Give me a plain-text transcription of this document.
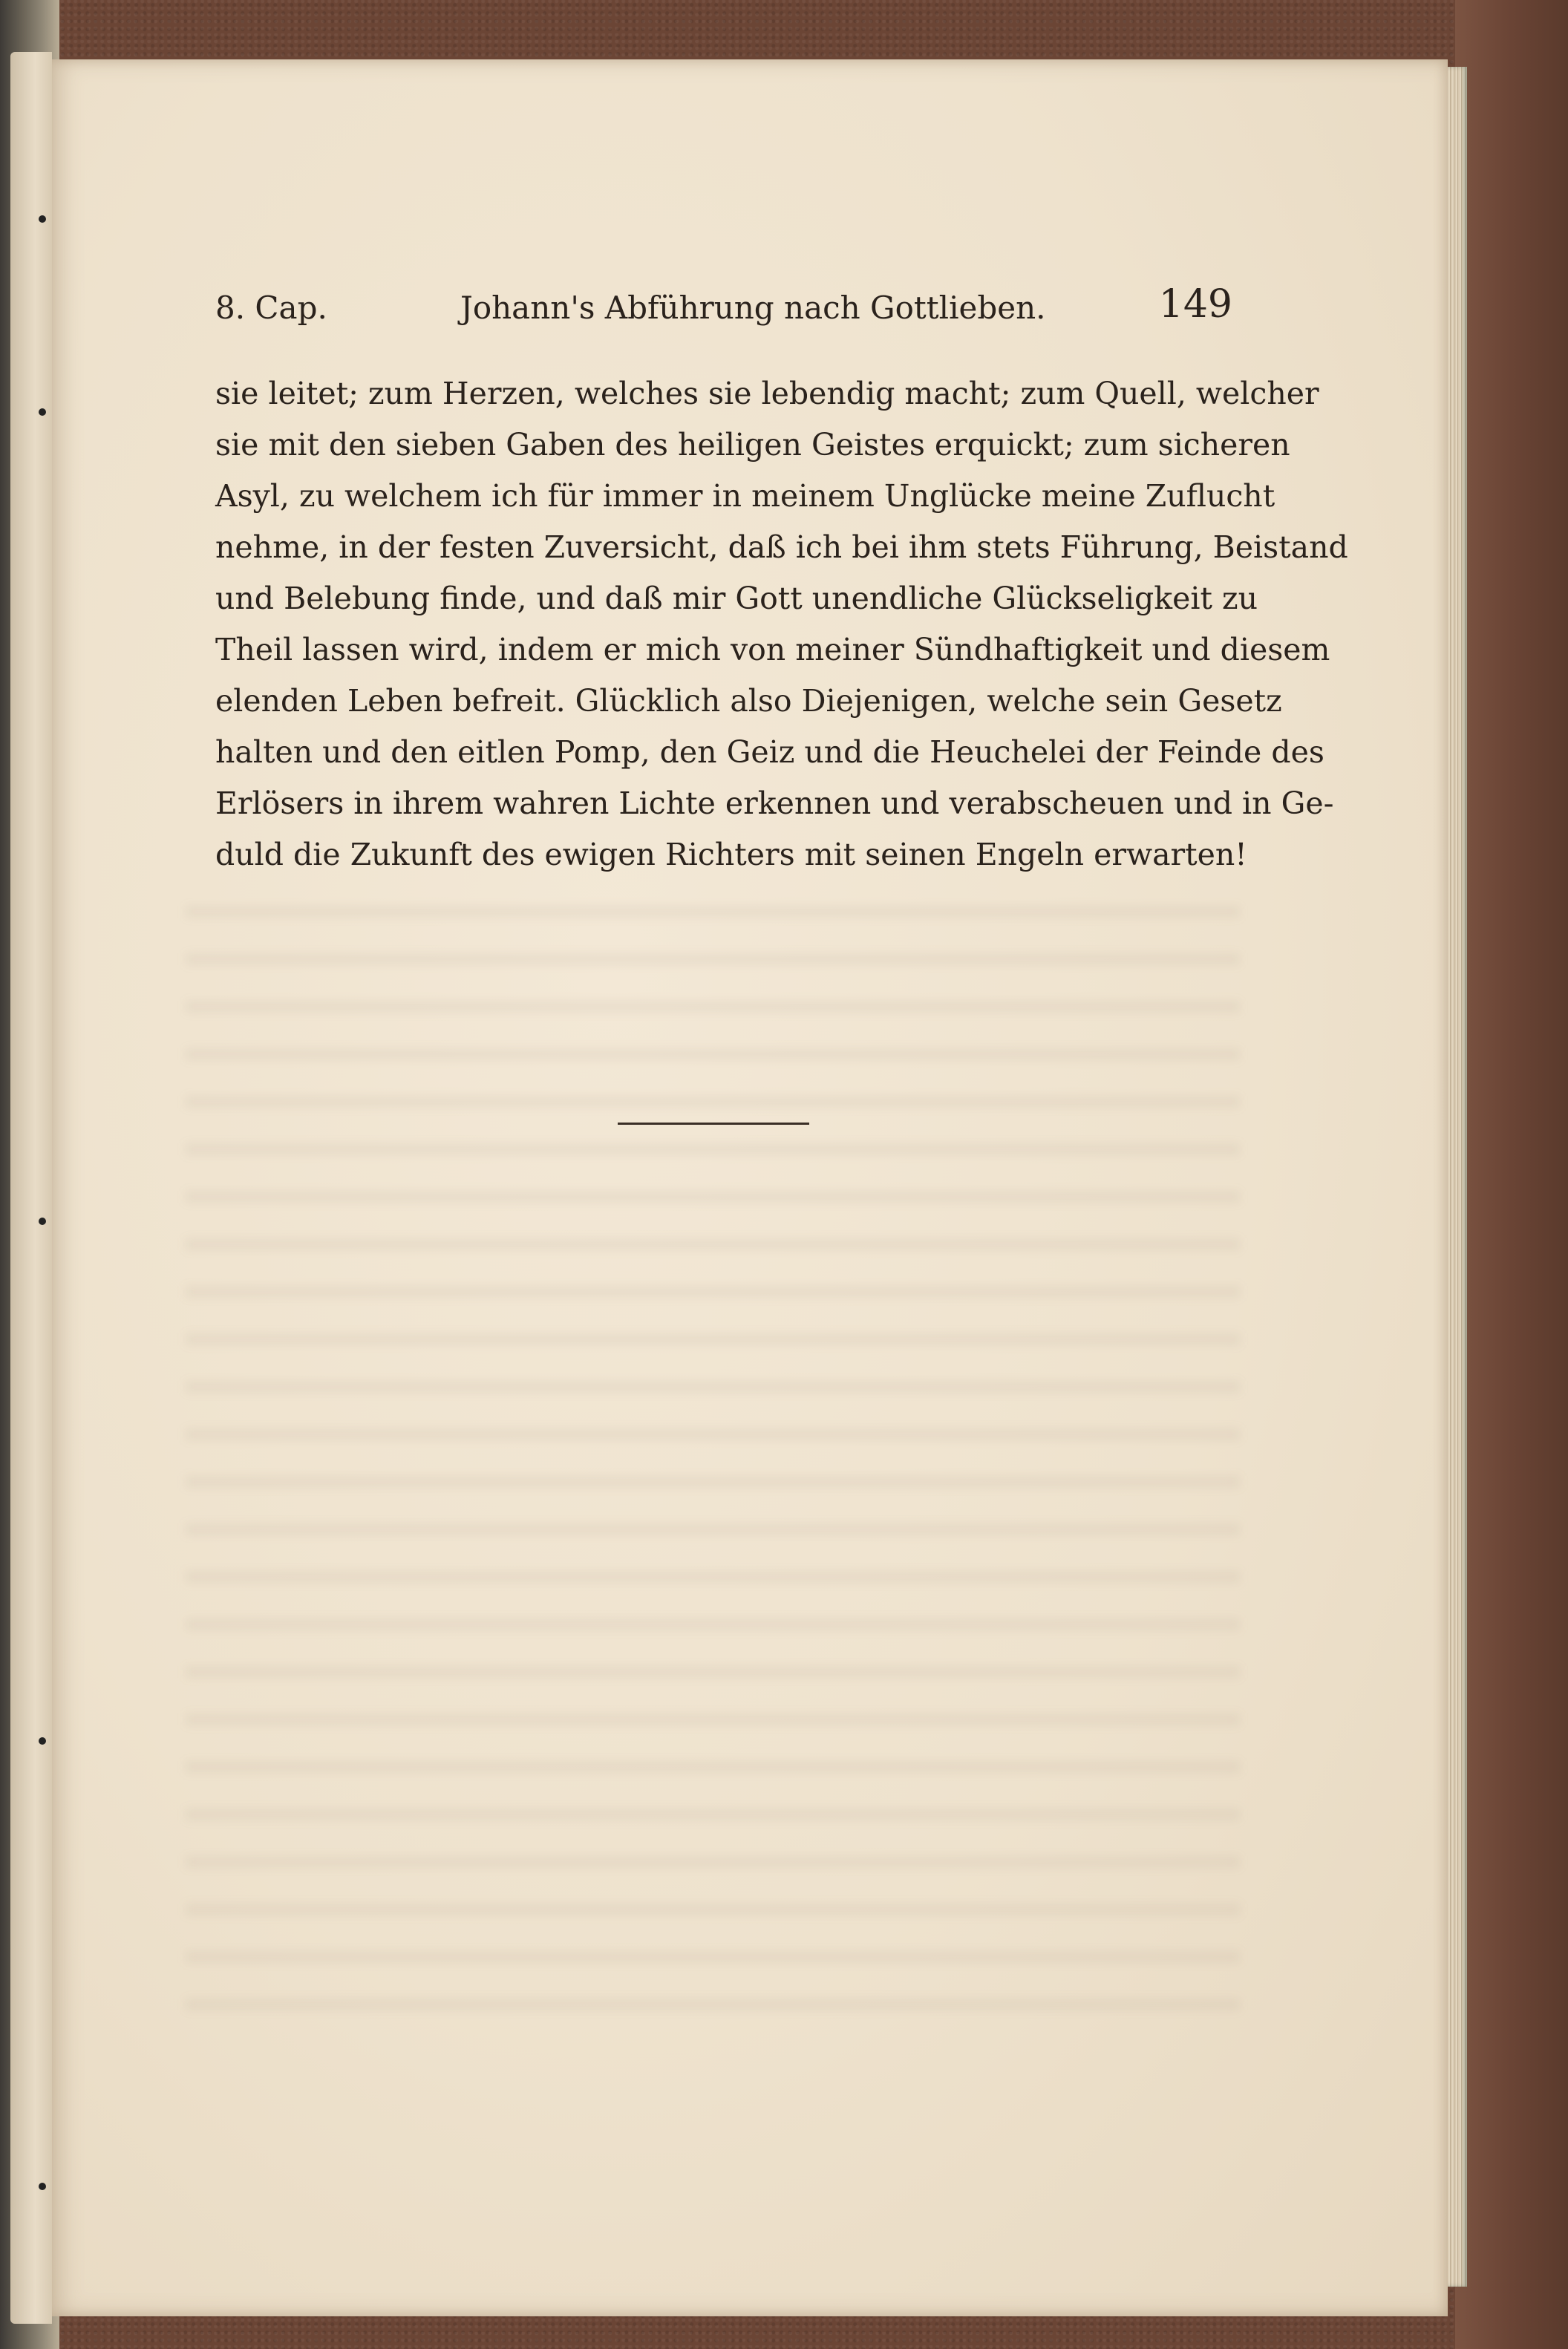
8. Cap.	Johann's Abführung nach Gottlieben.	149
sie leitet; zum Herzen, welches sie lebendig macht; zum Quell, welcher
sie mit den sieben Gaben des heiligen Geistes erquickt; zum sicheren
Asyl, zu welchem ich für immer in meinem Unglücke meine Zuflucht
nehme, in der festen Zuversicht, daß ich bei ihm stets Führung, Beistand
und Belebung finde, und daß mir Gott unendliche Glückseligkeit zu
Theil lassen wird, indem er mich von meiner Sündhaftigkeit und diesem
elenden Leben befreit. Glücklich also Diejenigen, welche sein Gesetz
halten und den eitlen Pomp, den Geiz und die Heuchelei der Feinde des
Erlösers in ihrem wahren Lichte erkennen und verabscheuen und in Ge-
duld die Zukunft des ewigen Richters mit seinen Engeln erwarten!
